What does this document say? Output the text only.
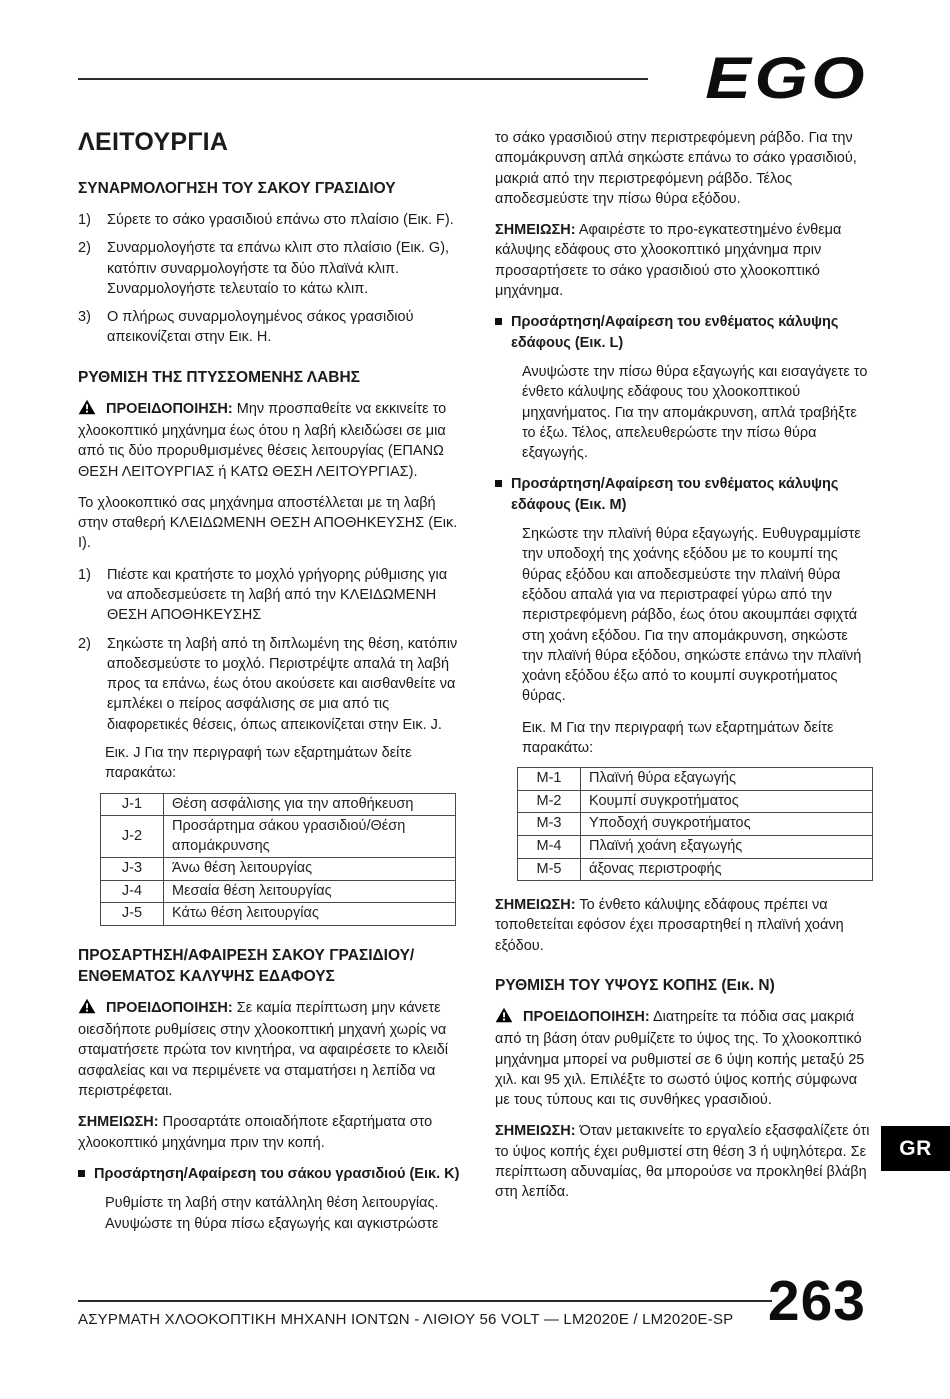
EGO
ΛΕΙΤΟΥΡΓΙΑ
ΣΥΝΑΡΜΟΛΟΓΗΣΗ ΤΟΥ ΣΑΚΟΥ ΓΡΑΣΙΔΙΟΥ
1)	Σύρετε το σάκο γρασιδιού επάνω στο πλαίσιο (Εικ. F).
2)	Συναρμολογήστε τα επάνω κλιπ στο πλαίσιο (Εικ. G), κατόπιν συναρμολογήστε τα δύο πλαϊνά κλιπ. Συναρμολογήστε τελευταίο το κάτω κλιπ.
3)	Ο πλήρως συναρμολογημένος σάκος γρασιδιού απεικονίζεται στην Εικ. H.
ΡΥΘΜΙΣΗ ΤΗΣ ΠΤΥΣΣΟΜΕΝΗΣ ΛΑΒΗΣ

ΠΡΟΕΙΔΟΠΟΙΗΣΗ: Μην προσπαθείτε να εκκινείτε το χλοοκοπτικό μηχάνημα έως ότου η λαβή κλειδώσει σε μια από τις δύο προρυθμισμένες θέσεις λειτουργίας (ΕΠΑΝΩ ΘΕΣΗ ΛΕΙΤΟΥΡΓΙΑΣ ή ΚΑΤΩ ΘΕΣΗ ΛΕΙΤΟΥΡΓΙΑΣ).

Το χλοοκοπτικό σας μηχάνημα αποστέλλεται με τη λαβή στην σταθερή ΚΛΕΙΔΩΜΕΝΗ ΘΕΣΗ ΑΠΟΘΗΚΕΥΣΗΣ (Εικ. I).

1)	Πιέστε και κρατήστε το μοχλό γρήγορης ρύθμισης για να αποδεσμεύσετε τη λαβή από την ΚΛΕΙΔΩΜΕΝΗ ΘΕΣΗ ΑΠΟΘΗΚΕΥΣΗΣ
2)	Σηκώστε τη λαβή από τη διπλωμένη της θέση, κατόπιν αποδεσμεύστε το μοχλό. Περιστρέψτε απαλά τη λαβή προς τα επάνω, έως ότου ακούσετε και αισθανθείτε να εμπλέκει ο πείρος ασφάλισης σε μια από τις διαφορετικές θέσεις, όπως απεικονίζεται στην Εικ. J.
Εικ. J Για την περιγραφή των εξαρτημάτων δείτε παρακάτω:
J-1	Θέση ασφάλισης για την αποθήκευση
J-2	Προσάρτημα σάκου γρασιδιού/Θέση απομάκρυνσης
J-3	Άνω θέση λειτουργίας
J-4	Μεσαία θέση λειτουργίας
J-5	Κάτω θέση λειτουργίας
ΠΡΟΣΑΡΤΗΣΗ/ΑΦΑΙΡΕΣΗ ΣΑΚΟΥ ΓΡΑΣΙΔΙΟΥ/ ΕΝΘΕΜΑΤΟΣ ΚΑΛΥΨΗΣ ΕΔΑΦΟΥΣ

ΠΡΟΕΙΔΟΠΟΙΗΣΗ: Σε καμία περίπτωση μην κάνετε οιεσδήποτε ρυθμίσεις στην χλοοκοπτική μηχανή χωρίς να σταματήσετε πρώτα τον κινητήρα, να αφαιρέσετε το κλειδί ασφαλείας και να περιμένετε να σταματήσει η λεπίδα να περιστρέφεται.

ΣΗΜΕΙΩΣΗ: Προσαρτάτε οποιαδήποτε εξαρτήματα στο χλοοκοπτικό μηχάνημα πριν την κοπή.

Προσάρτηση/Αφαίρεση του σάκου γρασιδιού (Εικ. K)

Ρυθμίστε τη λαβή στην κατάλληλη θέση λειτουργίας. Ανυψώστε τη θύρα πίσω εξαγωγής και αγκιστρώστε

το σάκο γρασιδιού στην περιστρεφόμενη ράβδο. Για την απομάκρυνση απλά σηκώστε επάνω το σάκο γρασιδιού, μακριά από την περιστρεφόμενη ράβδο. Τέλος αποδεσμεύστε την πίσω θύρα εξόδου.

ΣΗΜΕΙΩΣΗ: Αφαιρέστε το προ-εγκατεστημένο ένθεμα κάλυψης εδάφους στο χλοοκοπτικό μηχάνημα πριν προσαρτήσετε το σάκο γρασιδιού στο χλοοκοπτικό μηχάνημα.

Προσάρτηση/Αφαίρεση του ενθέματος κάλυψης εδάφους (Εικ. L)

Ανυψώστε την πίσω θύρα εξαγωγής και εισαγάγετε το ένθετο κάλυψης εδάφους του χλοοκοπτικού μηχανήματος. Για την απομάκρυνση, απλά τραβήξτε το έξω. Τέλος, απελευθερώστε την πίσω θύρα εξαγωγής.

Προσάρτηση/Αφαίρεση του ενθέματος κάλυψης εδάφους (Εικ. M)

Σηκώστε την πλαϊνή θύρα εξαγωγής. Ευθυγραμμίστε την υποδοχή της χοάνης εξόδου με το κουμπί της θύρας εξόδου και αποδεσμεύστε την πλαϊνή θύρα εξόδου απαλά για να περιστραφεί γύρω από την περιστρεφόμενη ράβδο, έως ότου ακουμπάει σφιχτά στη χοάνη εξόδου. Για την απομάκρυνση, σηκώστε την πλαϊνή θύρα εξόδου, σηκώστε επάνω την πλαϊνή χοάνη εξόδου έξω από το κουμπί συγκροτήματος θύρας.

Εικ. M Για την περιγραφή των εξαρτημάτων δείτε παρακάτω:
M-1	Πλαϊνή θύρα εξαγωγής
M-2	Κουμπί συγκροτήματος
M-3	Υποδοχή συγκροτήματος
M-4	Πλαϊνή χοάνη εξαγωγής
M-5	άξονας περιστροφής

ΣΗΜΕΙΩΣΗ: Το ένθετο κάλυψης εδάφους πρέπει να τοποθετείται εφόσον έχει προσαρτηθεί η πλαϊνή χοάνη εξόδου.

ΡΥΘΜΙΣΗ ΤΟΥ ΥΨΟΥΣ ΚΟΠΗΣ (Εικ. N)

ΠΡΟΕΙΔΟΠΟΙΗΣΗ: Διατηρείτε τα πόδια σας μακριά από τη βάση όταν ρυθμίζετε το ύψος της. Το χλοοκοπτικό μηχάνημα μπορεί να ρυθμιστεί σε 6 ύψη κοπής μεταξύ 25 χιλ. και 95 χιλ. Επιλέξτε το σωστό ύψος κοπής σύμφωνα με τους τύπους και τις συνθήκες γρασιδιού.

ΣΗΜΕΙΩΣΗ: Όταν μετακινείτε το εργαλείο εξασφαλίζετε ότι το ύψος κοπής έχει ρυθμιστεί στη θέση 3 ή υψηλότερα. Σε περίπτωση αδυναμίας, θα μπορούσε να προκληθεί βλάβη στη λεπίδα.

GR
263
ΑΣΥΡΜΑΤΗ ΧΛΟΟΚΟΠΤΙΚΗ ΜΗΧΑΝΗ ΙΟΝΤΩΝ - ΛΙΘΙΟΥ 56 VOLT — LM2020E / LM2020E-SP
